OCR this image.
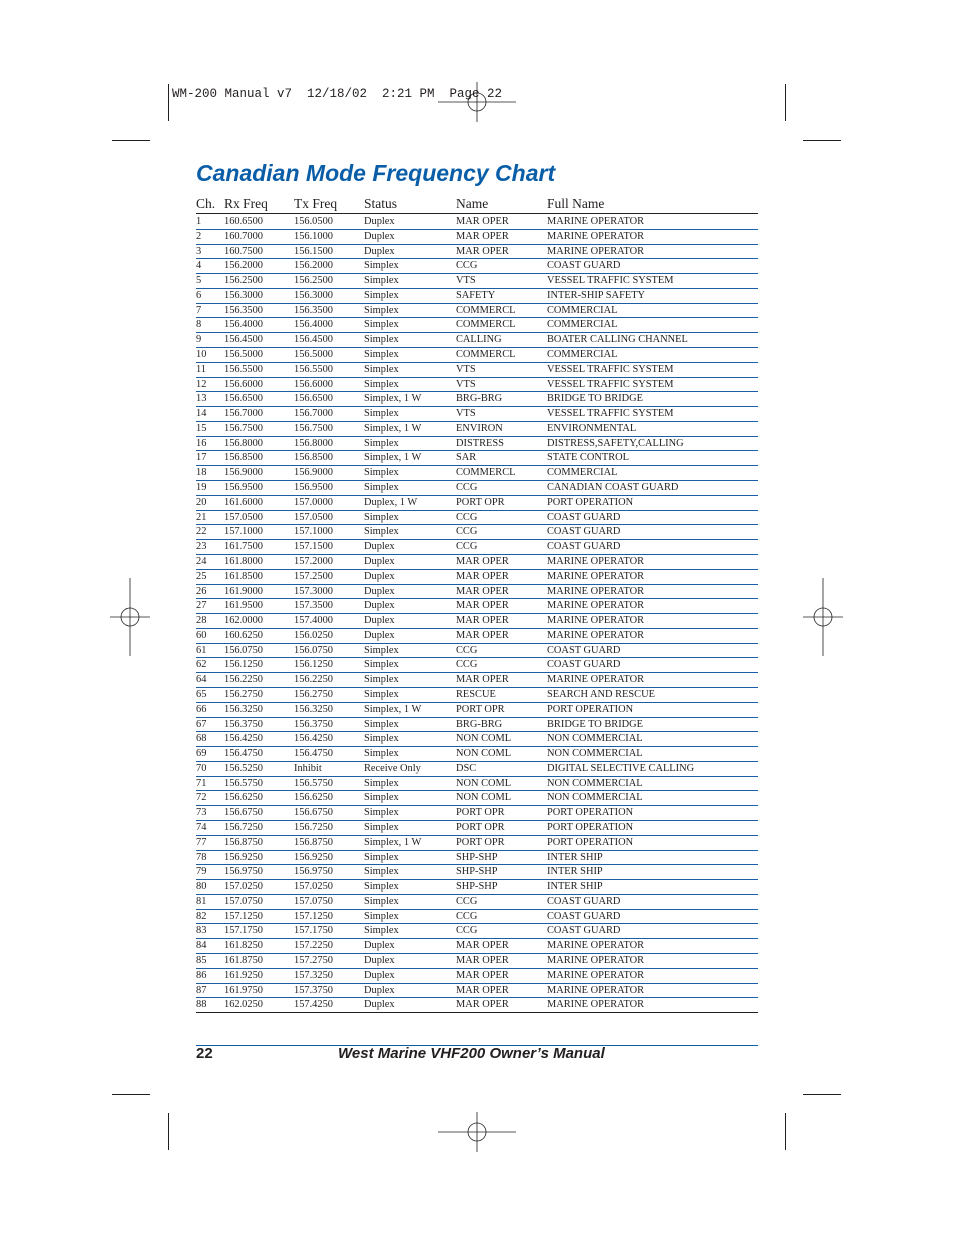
WM-200 Manual v7  12/18/02  2:21 PM  Page 22
Canadian Mode Frequency Chart
Ch. Rx Freq Tx Freq Status	Name	Full Name
1 160.6500	156.0500	Duplex	MAR OPER	MARINE OPERATOR
2 160.7000	156.1000	Duplex	MAR OPER	MARINE OPERATOR
3 160.7500	156.1500	Duplex	MAR OPER	MARINE OPERATOR
4 156.2000	156.2000	Simplex	CCG	COAST GUARD
5 156.2500	156.2500	Simplex	VTS	VESSEL TRAFFIC SYSTEM
6 156.3000	156.3000	Simplex	SAFETY	INTER-SHIP SAFETY
7 156.3500	156.3500	Simplex	COMMERCL	COMMERCIAL
8 156.4000	156.4000	Simplex	COMMERCL	COMMERCIAL
9 156.4500	156.4500	Simplex	CALLING	BOATER CALLING CHANNEL
10 156.5000	156.5000	Simplex	COMMERCL	COMMERCIAL
11 156.5500	156.5500	Simplex	VTS	VESSEL TRAFFIC SYSTEM
12 156.6000	156.6000	Simplex	VTS	VESSEL TRAFFIC SYSTEM
13 156.6500	156.6500	Simplex, 1 W	BRG-BRG	BRIDGE TO BRIDGE
14 156.7000	156.7000	Simplex	VTS	VESSEL TRAFFIC SYSTEM
15 156.7500	156.7500	Simplex, 1 W	ENVIRON	ENVIRONMENTAL
16 156.8000	156.8000	Simplex	DISTRESS	DISTRESS,SAFETY,CALLING
17 156.8500	156.8500	Simplex, 1 W	SAR	STATE CONTROL
18 156.9000	156.9000	Simplex	COMMERCL	COMMERCIAL
19 156.9500	156.9500	Simplex	CCG	CANADIAN COAST GUARD
20 161.6000	157.0000	Duplex, 1 W	PORT OPR	PORT OPERATION
21 157.0500	157.0500	Simplex	CCG	COAST GUARD
22 157.1000	157.1000	Simplex	CCG	COAST GUARD
23 161.7500	157.1500	Duplex	CCG	COAST GUARD
24 161.8000	157.2000	Duplex	MAR OPER	MARINE OPERATOR
25 161.8500	157.2500	Duplex	MAR OPER	MARINE OPERATOR
26 161.9000	157.3000	Duplex	MAR OPER	MARINE OPERATOR
27 161.9500	157.3500	Duplex	MAR OPER	MARINE OPERATOR
28 162.0000	157.4000	Duplex	MAR OPER	MARINE OPERATOR
60 160.6250	156.0250	Duplex	MAR OPER	MARINE OPERATOR
61 156.0750	156.0750	Simplex	CCG	COAST GUARD
62 156.1250	156.1250	Simplex	CCG	COAST GUARD
64 156.2250	156.2250	Simplex	MAR OPER	MARINE OPERATOR
65 156.2750	156.2750	Simplex	RESCUE	SEARCH AND RESCUE
66 156.3250	156.3250	Simplex, 1 W	PORT OPR	PORT OPERATION
67 156.3750	156.3750	Simplex	BRG-BRG	BRIDGE TO BRIDGE
68 156.4250	156.4250	Simplex	NON COML	NON COMMERCIAL
69 156.4750	156.4750	Simplex	NON COML	NON COMMERCIAL
70 156.5250	Inhibit	Receive Only	DSC	DIGITAL SELECTIVE CALLING
71 156.5750	156.5750	Simplex	NON COML	NON COMMERCIAL
72 156.6250	156.6250	Simplex	NON COML	NON COMMERCIAL
73 156.6750	156.6750	Simplex	PORT OPR	PORT OPERATION
74 156.7250	156.7250	Simplex	PORT OPR	PORT OPERATION
77 156.8750	156.8750	Simplex, 1 W	PORT OPR	PORT OPERATION
78 156.9250	156.9250	Simplex	SHP-SHP	INTER SHIP
79 156.9750	156.9750	Simplex	SHP-SHP	INTER SHIP
80 157.0250	157.0250	Simplex	SHP-SHP	INTER SHIP
81 157.0750	157.0750	Simplex	CCG	COAST GUARD
82 157.1250	157.1250	Simplex	CCG	COAST GUARD
83 157.1750	157.1750	Simplex	CCG	COAST GUARD
84 161.8250	157.2250	Duplex	MAR OPER	MARINE OPERATOR
85 161.8750	157.2750	Duplex	MAR OPER	MARINE OPERATOR
86 161.9250	157.3250	Duplex	MAR OPER	MARINE OPERATOR
87 161.9750	157.3750	Duplex	MAR OPER	MARINE OPERATOR
88 162.0250	157.4250	Duplex	MAR OPER	MARINE OPERATOR
22	West Marine VHF200 Owner’s Manual
